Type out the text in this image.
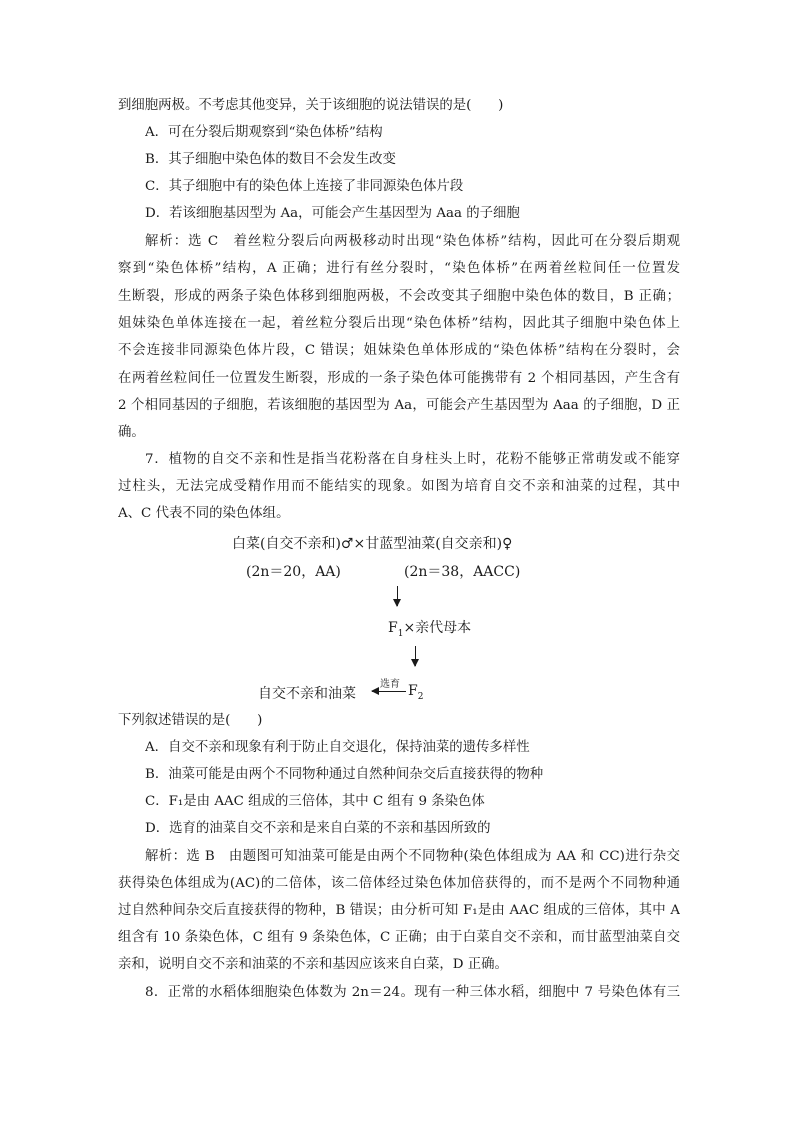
到细胞两极。不考虑其他变异，关于该细胞的说法错误的是(　　)
A．可在分裂后期观察到“染色体桥”结构
B．其子细胞中染色体的数目不会发生改变
C．其子细胞中有的染色体上连接了非同源染色体片段
D．若该细胞基因型为 Aa，可能会产生基因型为 Aaa 的子细胞
解析：选 C　着丝粒分裂后向两极移动时出现“染色体桥”结构，因此可在分裂后期观
察到“染色体桥”结构，A 正确；进行有丝分裂时，“染色体桥”在两着丝粒间任一位置发
生断裂，形成的两条子染色体移到细胞两极，不会改变其子细胞中染色体的数目，B 正确；
姐妹染色单体连接在一起，着丝粒分裂后出现“染色体桥”结构，因此其子细胞中染色体上
不会连接非同源染色体片段，C 错误；姐妹染色单体形成的“染色体桥”结构在分裂时，会
在两着丝粒间任一位置发生断裂，形成的一条子染色体可能携带有 2 个相同基因，产生含有
2 个相同基因的子细胞，若该细胞的基因型为 Aa，可能会产生基因型为 Aaa 的子细胞，D 正
确。
7．植物的自交不亲和性是指当花粉落在自身柱头上时，花粉不能够正常萌发或不能穿
过柱头，无法完成受精作用而不能结实的现象。如图为培育自交不亲和油菜的过程，其中
A、C 代表不同的染色体组。
白菜(自交不亲和)♂×甘蓝型油菜(自交亲和)♀
(2n＝20，AA)	(2n＝38，AACC)
$F_1\times$亲代母本
自交不亲和油菜
选育 $F_2$
下列叙述错误的是(　　)
A．自交不亲和现象有利于防止自交退化，保持油菜的遗传多样性
B．油菜可能是由两个不同物种通过自然种间杂交后直接获得的物种
C．F₁是由 AAC 组成的三倍体，其中 C 组有 9 条染色体
D．选育的油菜自交不亲和是来自白菜的不亲和基因所致的
解析：选 B　由题图可知油菜可能是由两个不同物种(染色体组成为 AA 和 CC)进行杂交
获得染色体组成为(AC)的二倍体，该二倍体经过染色体加倍获得的，而不是两个不同物种通
过自然种间杂交后直接获得的物种，B 错误；由分析可知 F₁是由 AAC 组成的三倍体，其中 A
组含有 10 条染色体，C 组有 9 条染色体，C 正确；由于白菜自交不亲和，而甘蓝型油菜自交
亲和，说明自交不亲和油菜的不亲和基因应该来自白菜，D 正确。
8．正常的水稻体细胞染色体数为 2n＝24。现有一种三体水稻，细胞中 7 号染色体有三
